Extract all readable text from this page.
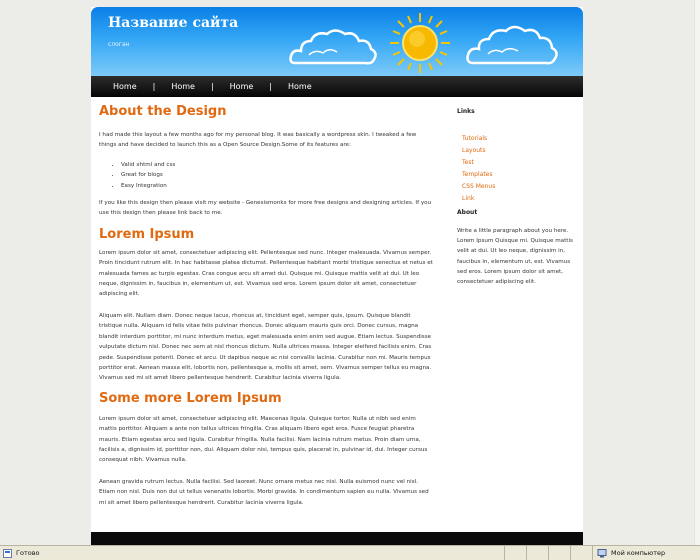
Название сайта
слоган
Home | Home | Home | Home
About the Design

I had made this layout a few months ago for my personal blog. It was basically a wordpress skin. I tweaked a few things and have decided to launch this as a Open Source Design.Some of its features are:

• Valid xhtml and css
• Great for blogs
• Easy Integration

If you like this design then please visit my website - Genesismonks for more free designs and designing articles. If you use this design then please link back to me.

Lorem Ipsum

Lorem ipsum dolor sit amet, consectetuer adipiscing elit. Pellentesque sed nunc. Integer malesuada. Vivamus semper. Proin tincidunt rutrum elit. In hac habitasse platea dictumst. Pellentesque habitant morbi tristique senectus et netus et malesuada fames ac turpis egestas. Cras congue arcu sit amet dui. Quisque mi. Quisque mattis velit at dui. Ut leo neque, dignissim in, faucibus in, elementum ut, est. Vivamus sed eros. Lorem ipsum dolor sit amet, consectetuer adipiscing elit.

Aliquam elit. Nullam diam. Donec neque lacus, rhoncus at, tincidunt eget, semper quis, ipsum. Quisque blandit tristique nulla. Aliquam id felis vitae felis pulvinar rhoncus. Donec aliquam mauris quis orci. Donec cursus, magna blandit interdum porttitor, mi nunc interdum metus, eget malesuada enim enim sed augue. Etiam lectus. Suspendisse vulputate dictum nisl. Donec nec sem at nisl rhoncus dictum. Nulla ultrices massa. Integer eleifend facilisis enim. Cras pede. Suspendisse potenti. Donec et arcu. Ut dapibus neque ac nisi convallis lacinia. Curabitur non mi. Mauris tempus porttitor erat. Aenean massa elit, lobortis non, pellentesque a, mollis sit amet, sem. Vivamus semper tellus eu magna. Vivamus sed mi sit amet libero pellentesque hendrerit. Curabitur lacinia viverra ligula.

Some more Lorem Ipsum

Lorem ipsum dolor sit amet, consectetuer adipiscing elit. Maecenas ligula. Quisque tortor. Nulla ut nibh sed enim mattis porttitor. Aliquam a ante non tellus ultrices fringilla. Cras aliquam libero eget eros. Fusce feugiat pharetra mauris. Etiam egestas arcu sed ligula. Curabitur fringilla. Nulla facilisi. Nam lacinia rutrum metus. Proin diam urna, facilisis a, dignissim id, porttitor non, dui. Aliquam dolor nisi, tempus quis, placerat in, pulvinar id, dui. Integer cursus consequat nibh. Vivamus nulla.

Aenean gravida rutrum lectus. Nulla facilisi. Sed laoreet. Nunc ornare metus nec nisi. Nulla euismod nunc vel nisl. Etiam non nisl. Duis non dui ut tellus venenatis lobortis. Morbi gravida. In condimentum sapien eu nulla. Vivamus sed mi sit amet libero pellentesque hendrerit. Curabitur lacinia viverra ligula.

Links
Tutorials
Layouts
Test
Templates
CSS Menus
Link
About

Write a little paragraph about you here. Lorem Ipsum Quisque mi. Quisque mattis velit at dui. Ut leo neque, dignissim in, faucibus in, elementum ut, est. Vivamus sed eros. Lorem ipsum dolor sit amet, consectetuer adipiscing elit.

Готово	Мой компьютер
